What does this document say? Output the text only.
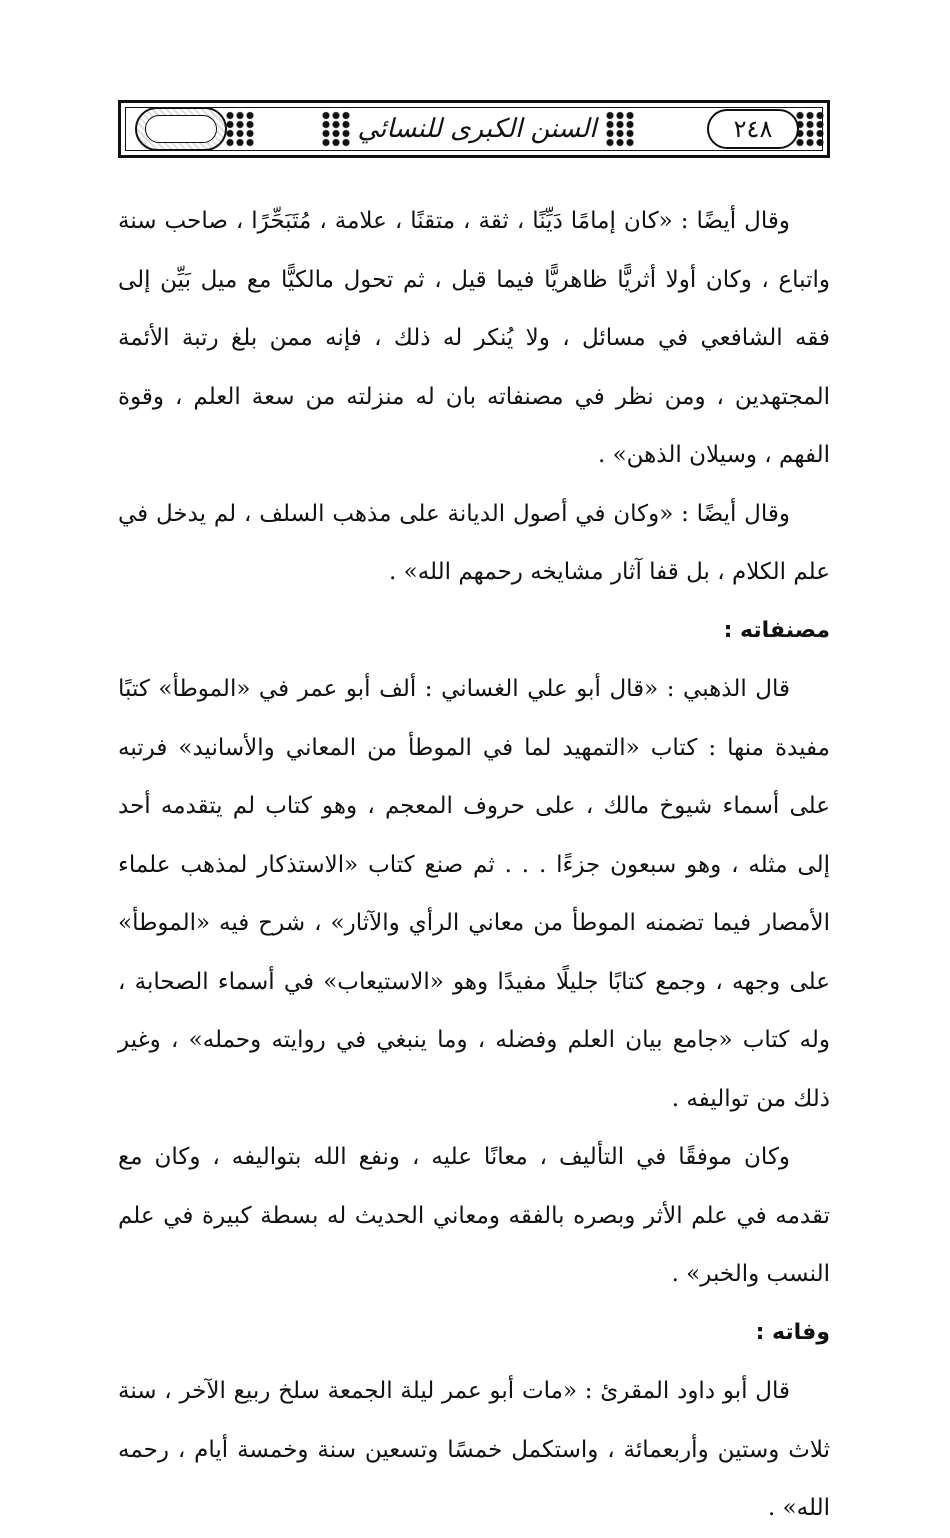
السنن الكبرى للنسائي	٢٤٨

وقال أيضًا : «كان إمامًا دَيِّنًا ، ثقة ، متقنًا ، علامة ، مُتَبَحِّرًا ، صاحب سنة واتباع ، وكان أولا أثريًّا ظاهريًّا فيما قيل ، ثم تحول مالكيًّا مع ميل بَيِّن إلى فقه الشافعي في مسائل ، ولا يُنكر له ذلك ، فإنه ممن بلغ رتبة الأئمة المجتهدين ، ومن نظر في مصنفاته بان له منزلته من سعة العلم ، وقوة الفهم ، وسيلان الذهن» .

وقال أيضًا : «وكان في أصول الديانة على مذهب السلف ، لم يدخل في علم الكلام ، بل قفا آثار مشايخه رحمهم الله» .

مصنفاته :

قال الذهبي : «قال أبو علي الغساني : ألف أبو عمر في «الموطأ» كتبًا مفيدة منها : كتاب «التمهيد لما في الموطأ من المعاني والأسانيد» فرتبه على أسماء شيوخ مالك ، على حروف المعجم ، وهو كتاب لم يتقدمه أحد إلى مثله ، وهو سبعون جزءًا . . . ثم صنع كتاب «الاستذكار لمذهب علماء الأمصار فيما تضمنه الموطأ من معاني الرأي والآثار» ، شرح فيه «الموطأ» على وجهه ، وجمع كتابًا جليلًا مفيدًا وهو «الاستيعاب» في أسماء الصحابة ، وله كتاب «جامع بيان العلم وفضله ، وما ينبغي في روايته وحمله» ، وغير ذلك من تواليفه .

وكان موفقًا في التأليف ، معانًا عليه ، ونفع الله بتواليفه ، وكان مع تقدمه في علم الأثر وبصره بالفقه ومعاني الحديث له بسطة كبيرة في علم النسب والخبر» .

وفاته :

قال أبو داود المقرئ : «مات أبو عمر ليلة الجمعة سلخ ربيع الآخر ، سنة ثلاث وستين وأربعمائة ، واستكمل خمسًا وتسعين سنة وخمسة أيام ، رحمه الله» .
